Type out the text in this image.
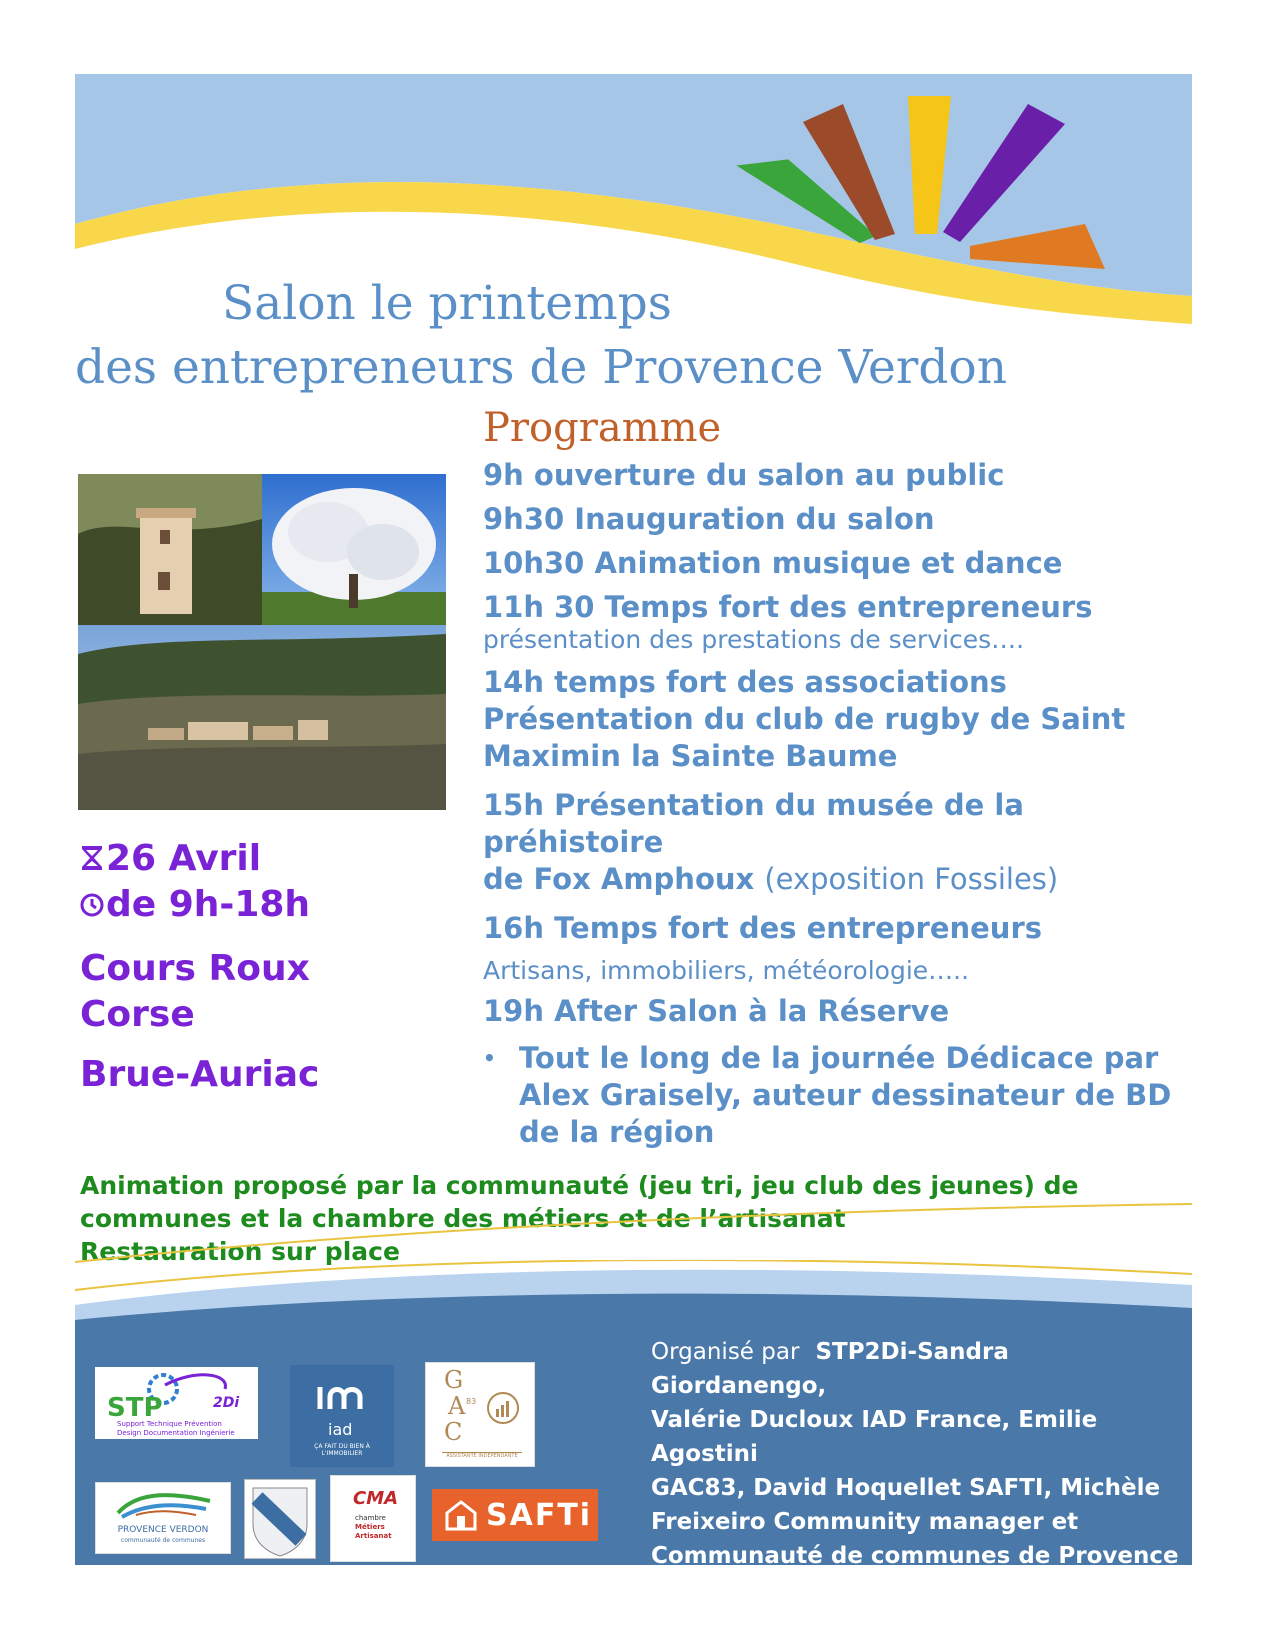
Salon le printemps
des entrepreneurs de Provence Verdon
Programme
9h ouverture du salon au public
9h30 Inauguration du salon
10h30 Animation musique et dance
11h 30 Temps fort des entrepreneurs
présentation des prestations de services….
14h temps fort des associations
Présentation du club de rugby de Saint
Maximin la Sainte Baume
15h Présentation du musée de la préhistoire
de Fox Amphoux (exposition Fossiles)
16h Temps fort des entrepreneurs
Artisans, immobiliers, météorologie…..
19h After Salon à la Réserve
• Tout le long de la journée Dédicace par
Alex Graisely, auteur dessinateur de BD
de la région
26 Avril
de 9h-18h
Cours Roux
Corse
Brue-Auriac
Animation proposé par la communauté (jeu tri, jeu club des jeunes) de
communes et la chambre des métiers et de l’artisanat
Restauration sur place
STP	2Di
Support Technique Prévention
Design Documentation Ingénierie	iad
ÇA FAIT DU BIEN À L'IMMOBILIER
G
A
C
83
ASSISTANTE INDÉPENDANTE
PROVENCE VERDON
communauté de communes
CMA
chambre
Métiers
Artisanat
SAFTi
Organisé par STP2Di-Sandra Giordanengo,
Valérie Ducloux IAD France, Emilie Agostini
GAC83, David Hoquellet SAFTI, Michèle
Freixeiro Community manager et
Communauté de communes de Provence
Verdon, Mairie de Brue-Auriac
chambre des métiers et de l’artisanat
